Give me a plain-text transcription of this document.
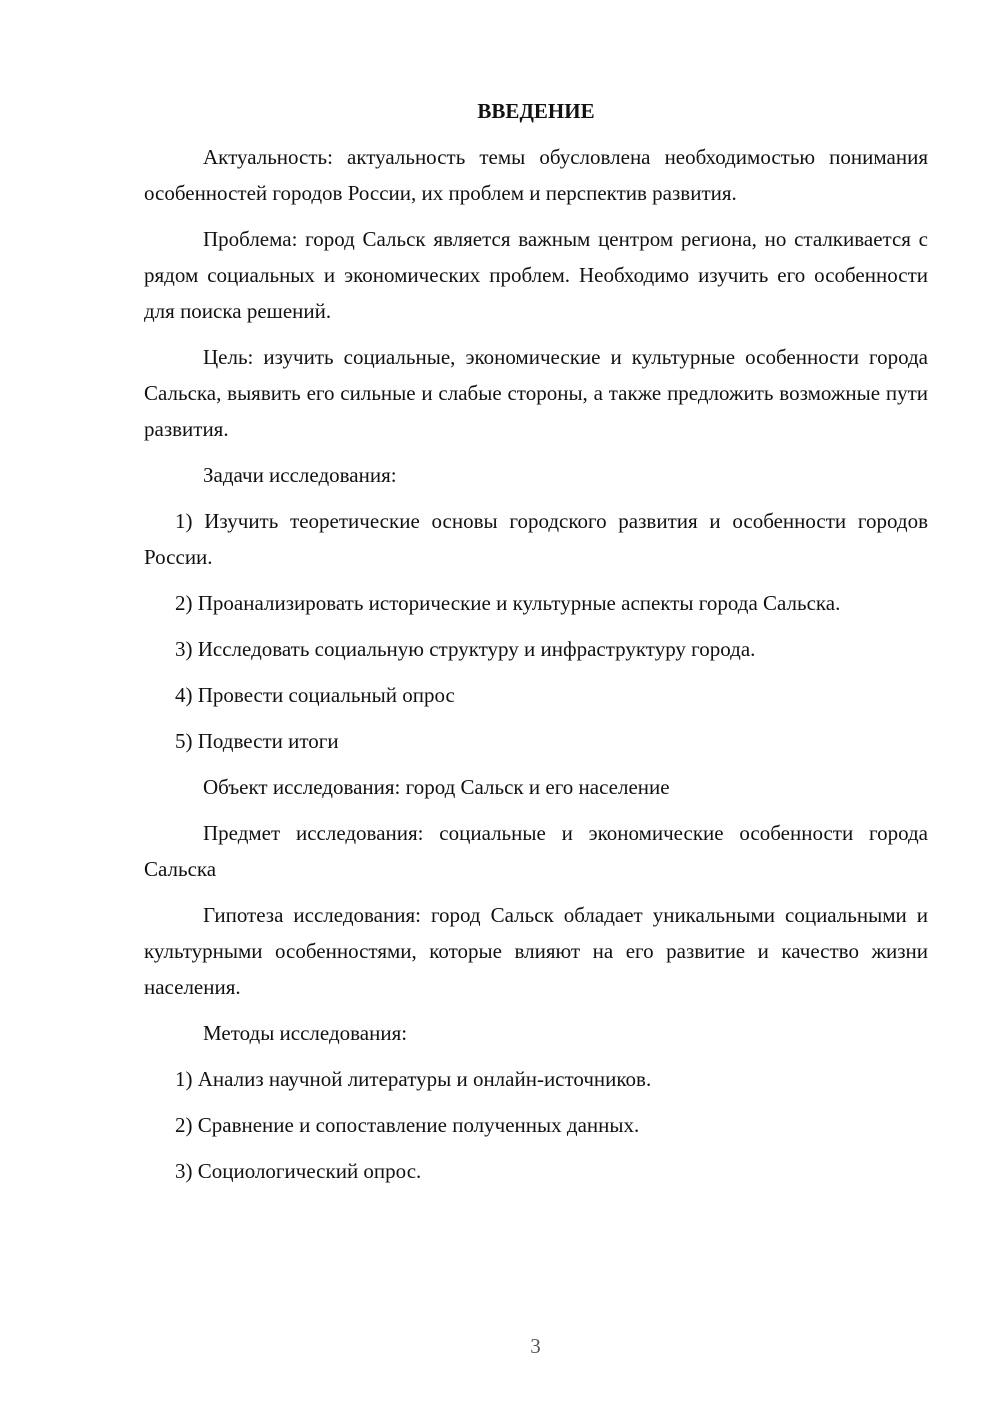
ВВЕДЕНИЕ

Актуальность: актуальность темы обусловлена необходимостью понимания особенностей городов России, их проблем и перспектив развития.

Проблема: город Сальск является важным центром региона, но сталкивается с рядом социальных и экономических проблем. Необходимо изучить его особенности для поиска решений.

Цель: изучить социальные, экономические и культурные особенности города Сальска, выявить его сильные и слабые стороны, а также предложить возможные пути развития.

Задачи исследования:

1) Изучить теоретические основы городского развития и особенности городов России.

2) Проанализировать исторические и культурные аспекты города Сальска.

3) Исследовать социальную структуру и инфраструктуру города.

4) Провести социальный опрос

5) Подвести итоги

Объект исследования: город Сальск и его население

Предмет исследования: социальные и экономические особенности города Сальска

Гипотеза исследования: город Сальск обладает уникальными социальными и культурными особенностями, которые влияют на его развитие и качество жизни населения.

Методы исследования:

1) Анализ научной литературы и онлайн-источников.

2) Сравнение и сопоставление полученных данных.

3) Социологический опрос.

3
